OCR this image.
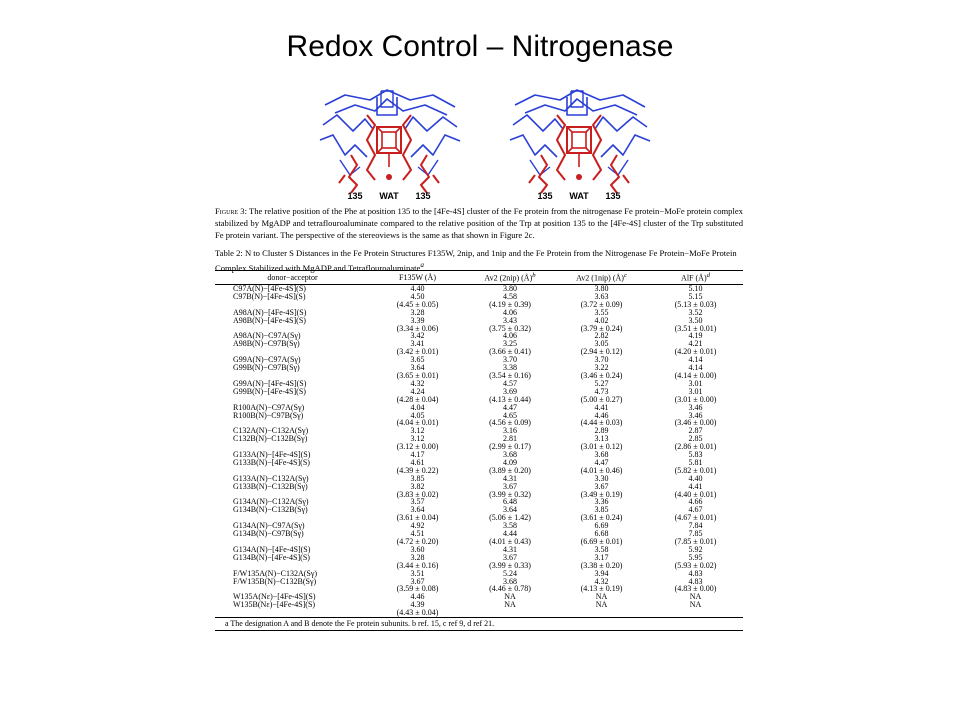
Redox Control – Nitrogenase
135 WAT 135	135 WAT 135
Figure 3: The relative position of the Phe at position 135 to the [4Fe-4S] cluster of the Fe protein from the nitrogenase Fe protein−MoFe protein complex stabilized by MgADP and tetraflouroaluminate compared to the relative position of the Trp at position 135 to the [4Fe-4S] cluster of the Trp substituted Fe protein variant. The perspective of the stereoviews is the same as that shown in Figure 2c.
Table 2: N to Cluster S Distances in the Fe Protein Structures F135W, 2nip, and 1nip and the Fe Protein from the Nitrogenase Fe Protein−MoFe Protein Complex Stabilized with MgADP and Tetraflouroaluminate$^a$
donor−acceptor	F135W (Å)	Av2 (2nip) (Å)$^b$	Av2 (1nip) (Å)$^c$	AlF (Å)$^d$
C97A(N)−[4Fe-4S](S)	4.40	3.80	3.80	5.10
C97B(N)−[4Fe-4S](S)	4.50	4.58	3.63	5.15
	(4.45 ± 0.05)	(4.19 ± 0.39)	(3.72 ± 0.09)	(5.13 ± 0.03)
A98A(N)−[4Fe-4S](S)	3.28	4.06	3.55	3.52
A98B(N)−[4Fe-4S](S)	3.39	3.43	4.02	3.50
	(3.34 ± 0.06)	(3.75 ± 0.32)	(3.79 ± 0.24)	(3.51 ± 0.01)
A98A(N)−C97A(Sγ)	3.42	4.06	2.82	4.19
A98B(N)−C97B(Sγ)	3.41	3.25	3.05	4.21
	(3.42 ± 0.01)	(3.66 ± 0.41)	(2.94 ± 0.12)	(4.20 ± 0.01)
G99A(N)−C97A(Sγ)	3.65	3.70	3.70	4.14
G99B(N)−C97B(Sγ)	3.64	3.38	3.22	4.14
	(3.65 ± 0.01)	(3.54 ± 0.16)	(3.46 ± 0.24)	(4.14 ± 0.00)
G99A(N)−[4Fe-4S](S)	4.32	4.57	5.27	3.01
G99B(N)−[4Fe-4S](S)	4.24	3.69	4.73	3.01
	(4.28 ± 0.04)	(4.13 ± 0.44)	(5.00 ± 0.27)	(3.01 ± 0.00)
R100A(N)−C97A(Sγ)	4.04	4.47	4.41	3.46
R100B(N)−C97B(Sγ)	4.05	4.65	4.46	3.46
	(4.04 ± 0.01)	(4.56 ± 0.09)	(4.44 ± 0.03)	(3.46 ± 0.00)
C132A(N)−C132A(Sγ)	3.12	3.16	2.89	2.87
C132B(N)−C132B(Sγ)	3.12	2.81	3.13	2.85
	(3.12 ± 0.00)	(2.99 ± 0.17)	(3.01 ± 0.12)	(2.86 ± 0.01)
G133A(N)−[4Fe-4S](S)	4.17	3.68	3.68	5.83
G133B(N)−[4Fe-4S](S)	4.61	4.09	4.47	5.81
	(4.39 ± 0.22)	(3.89 ± 0.20)	(4.01 ± 0.46)	(5.82 ± 0.01)
G133A(N)−C132A(Sγ)	3.85	4.31	3.30	4.40
G133B(N)−C132B(Sγ)	3.82	3.67	3.67	4.41
	(3.83 ± 0.02)	(3.99 ± 0.32)	(3.49 ± 0.19)	(4.40 ± 0.01)
G134A(N)−C132A(Sγ)	3.57	6.48	3.36	4.66
G134B(N)−C132B(Sγ)	3.64	3.64	3.85	4.67
	(3.61 ± 0.04)	(5.06 ± 1.42)	(3.61 ± 0.24)	(4.67 ± 0.01)
G134A(N)−C97A(Sγ)	4.92	3.58	6.69	7.84
G134B(N)−C97B(Sγ)	4.51	4.44	6.68	7.85
	(4.72 ± 0.20)	(4.01 ± 0.43)	(6.69 ± 0.01)	(7.85 ± 0.01)
G134A(N)−[4Fe-4S](S)	3.60	4.31	3.58	5.92
G134B(N)−[4Fe-4S](S)	3.28	3.67	3.17	5.95
	(3.44 ± 0.16)	(3.99 ± 0.33)	(3.38 ± 0.20)	(5.93 ± 0.02)
F/W135A(N)−C132A(Sγ)	3.51	5.24	3.94	4.83
F/W135B(N)−C132B(Sγ)	3.67	3.68	4.32	4.83
	(3.59 ± 0.08)	(4.46 ± 0.78)	(4.13 ± 0.19)	(4.83 ± 0.00)
W135A(Nε)−[4Fe-4S](S)	4.46	NA	NA	NA
W135B(Nε)−[4Fe-4S](S)	4.39	NA	NA	NA
	(4.43 ± 0.04)			
a The designation A and B denote the Fe protein subunits. b ref. 15, c ref 9, d ref 21.
